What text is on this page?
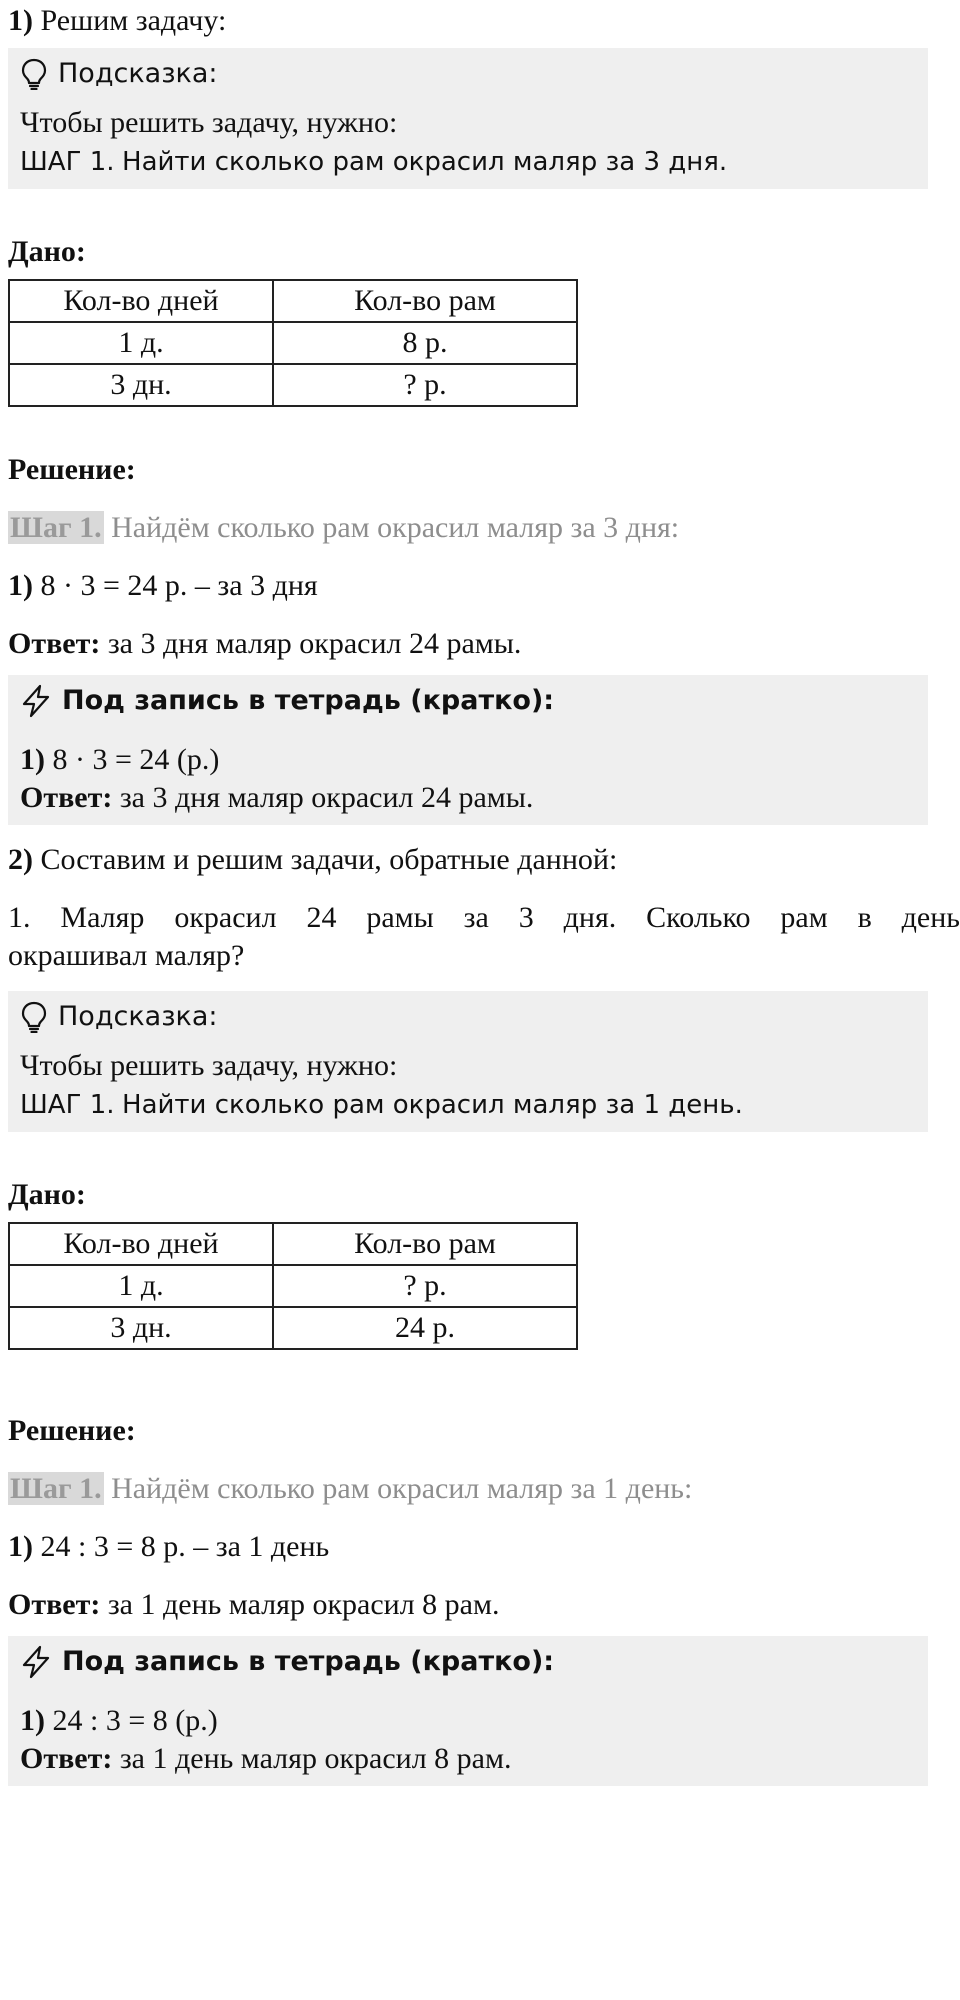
1) Решим задачу:

Подсказка:

Чтобы решить задачу, нужно:

ШАГ 1. Найти сколько рам окрасил маляр за 3 дня.

Дано:

Кол-во дней	Кол-во рам
1 д.	8 р.
3 дн.	? р.

Решение:

Шаг 1. Найдём сколько рам окрасил маляр за 3 дня:

1) 8 · 3 = 24 р. – за 3 дня

Ответ: за 3 дня маляр окрасил 24 рамы.

Под запись в тетрадь (кратко):

1) 8 · 3 = 24 (р.)

Ответ: за 3 дня маляр окрасил 24 рамы.

2) Составим и решим задачи, обратные данной:

1. Маляр окрасил 24 рамы за 3 дня. Сколько рам в день

окрашивал маляр?

Подсказка:

Чтобы решить задачу, нужно:

ШАГ 1. Найти сколько рам окрасил маляр за 1 день.

Дано:

Кол-во дней	Кол-во рам
1 д.	? р.
3 дн.	24 р.

Решение:

Шаг 1. Найдём сколько рам окрасил маляр за 1 день:

1) 24 : 3 = 8 р. – за 1 день

Ответ: за 1 день маляр окрасил 8 рам.

Под запись в тетрадь (кратко):

1) 24 : 3 = 8 (р.)

Ответ: за 1 день маляр окрасил 8 рам.
